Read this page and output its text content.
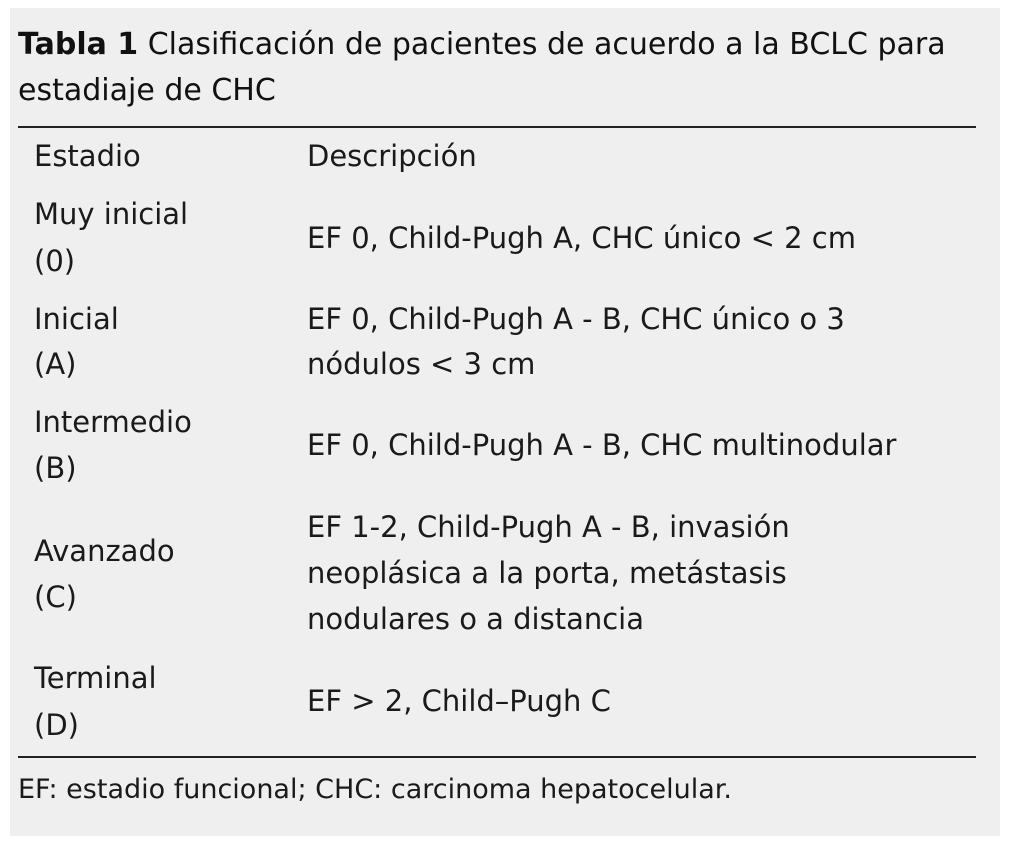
Tabla 1 Clasificación de pacientes de acuerdo a la BCLC para estadiaje de CHC
Estadio	Descripción
Muy inicial
(0)
EF 0, Child-Pugh A, CHC único < 2 cm
Inicial
(A)
EF 0, Child-Pugh A - B, CHC único o 3
nódulos < 3 cm
Intermedio
(B)
EF 0, Child-Pugh A - B, CHC multinodular
Avanzado
(C)
EF 1-2, Child-Pugh A - B, invasión
neoplásica a la porta, metástasis
nodulares o a distancia
Terminal
(D)
EF > 2, Child–Pugh C
EF: estadio funcional; CHC: carcinoma hepatocelular.
